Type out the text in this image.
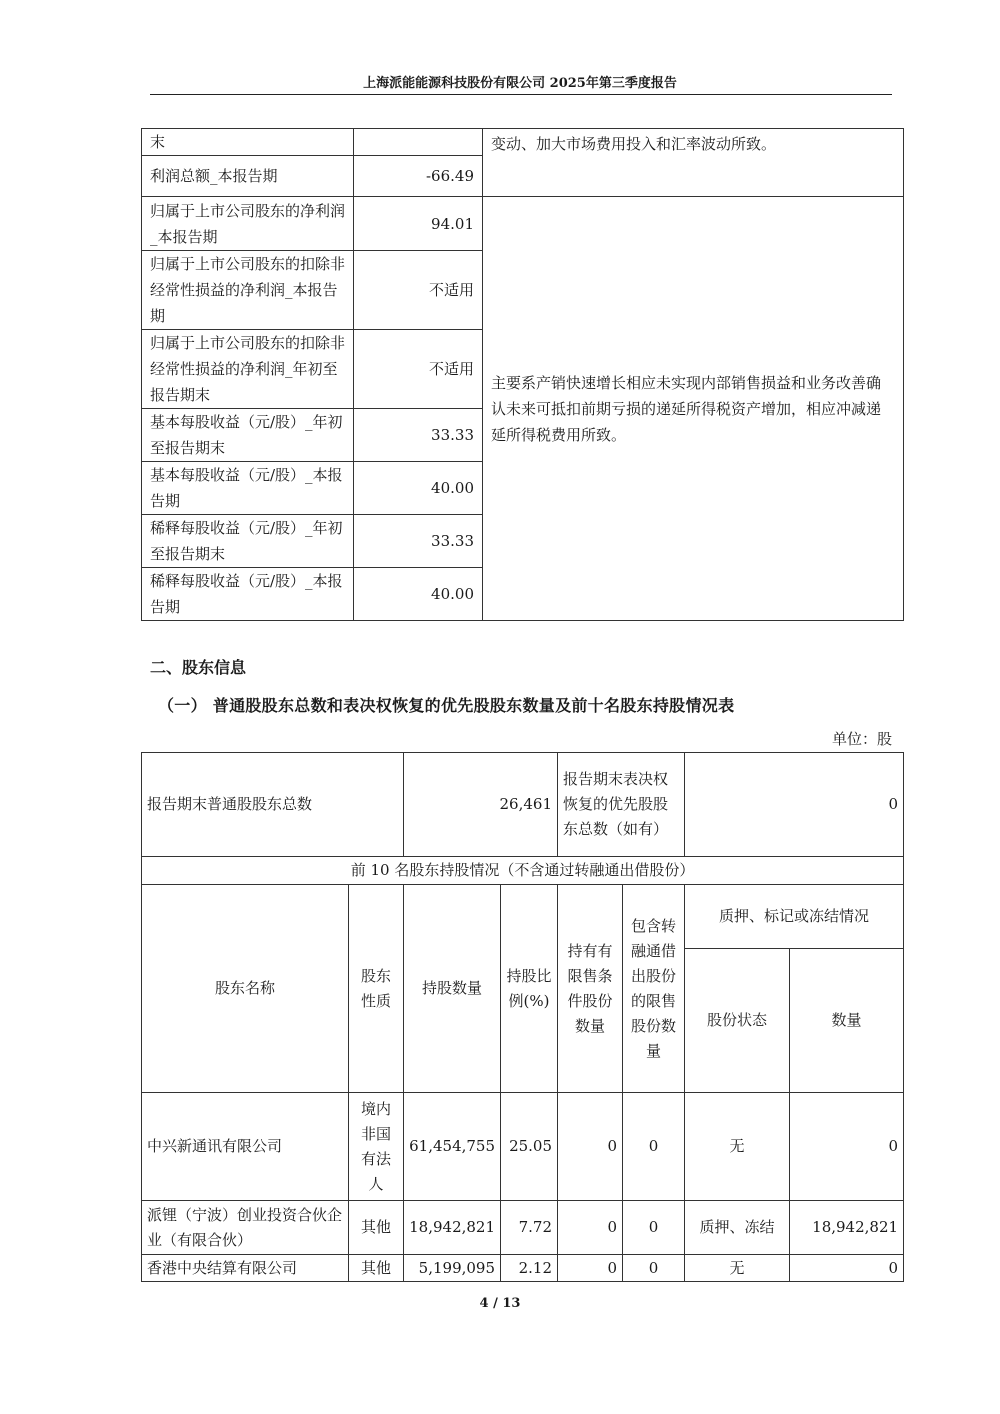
上海派能能源科技股份有限公司 2025年第三季度报告
末		变动、加大市场费用投入和汇率波动所致。
利润总额_本报告期	-66.49	
归属于上市公司股东的净利润_本报告期	94.01	主要系产销快速增长相应未实现内部销售损益和业务改善确认未来可抵扣前期亏损的递延所得税资产增加，相应冲减递延所得税费用所致。
归属于上市公司股东的扣除非经常性损益的净利润_本报告期	不适用	
归属于上市公司股东的扣除非经常性损益的净利润_年初至报告期末	不适用	
基本每股收益（元/股）_年初至报告期末	33.33	
基本每股收益（元/股）_本报告期	40.00	
稀释每股收益（元/股）_年初至报告期末	33.33	
稀释每股收益（元/股）_本报告期	40.00	
二、股东信息
（一） 普通股股东总数和表决权恢复的优先股股东数量及前十名股东持股情况表
单位：股
报告期末普通股股东总数		26,461		报告期末表决权恢复的优先股股东总数（如有）		0	
前 10 名股东持股情况（不含通过转融通出借股份）							
股东名称	股东性质	持股数量	持股比例(%)	持有有限售条件股份数量	包含转融通借出股份的限售股份数量	质押、标记或冻结情况	
						股份状态	数量
中兴新通讯有限公司	境内非国有法人	61,454,755	25.05	0	0	无	0
派锂（宁波）创业投资合伙企业（有限合伙）	其他	18,942,821	7.72	0	0	质押、冻结	18,942,821
香港中央结算有限公司	其他	5,199,095	2.12	0	0	无	0
4 / 13
